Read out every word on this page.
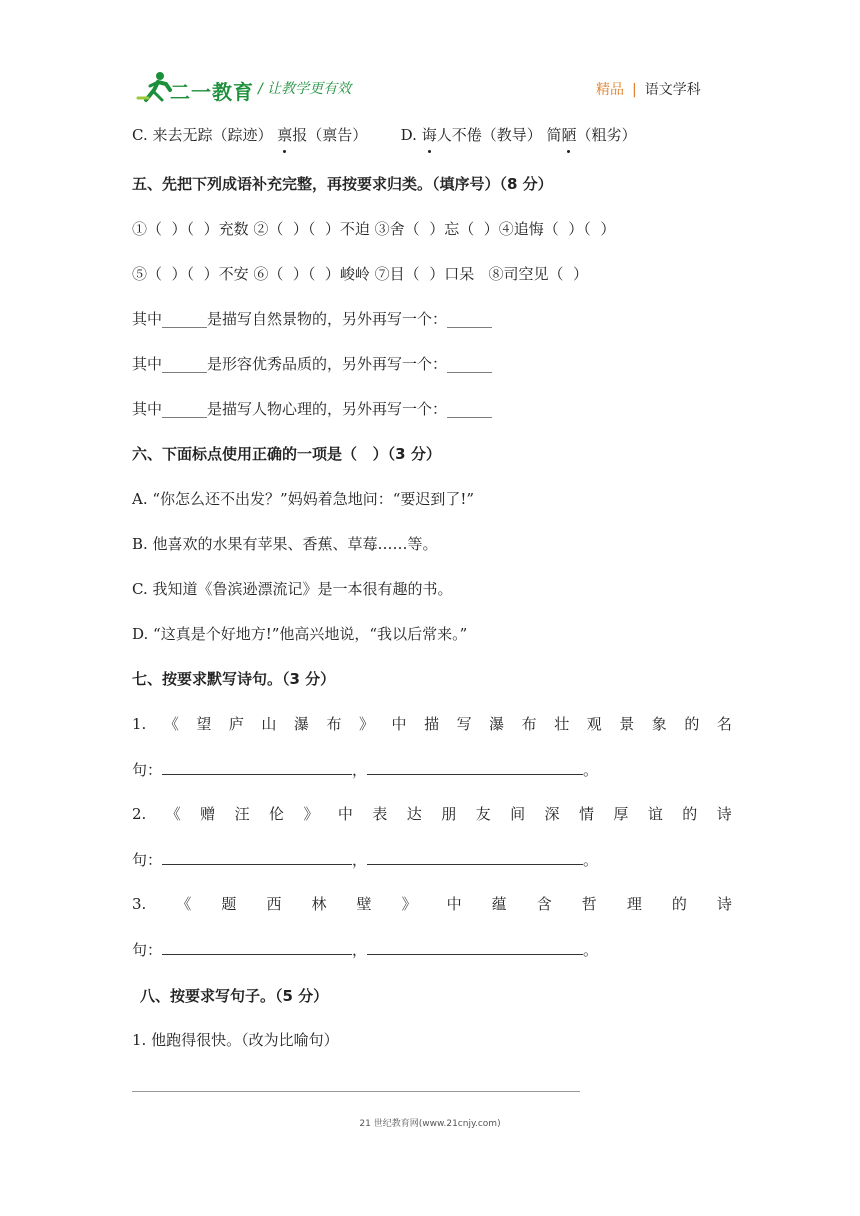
二一教育 / 让教学更有效	精品 | 语文学科
C. 来去无踪（踪迹） 禀报（禀告）       D. 诲人不倦（教导） 简陋（粗劣）
五、先把下列成语补充完整，再按要求归类。（填序号）（8 分）
①（  ）（  ）充数 ②（  ）（  ）不迫 ③舍（  ）忘（  ）④追悔（  ）（  ）
⑤（  ）（  ）不安 ⑥（  ）（  ）峻岭 ⑦目（  ）口呆   ⑧司空见（  ）
其中______是描写自然景物的，另外再写一个：______
其中______是形容优秀品质的，另外再写一个：______
其中______是描写人物心理的，另外再写一个：______
六、下面标点使用正确的一项是（   ）（3 分）
A. “你怎么还不出发？”妈妈着急地问：“要迟到了!”
B. 他喜欢的水果有苹果、香蕉、草莓……等。
C. 我知道《鲁滨逊漂流记》是一本很有趣的书。
D. “这真是个好地方!”他高兴地说，“我以后常来。”
七、按要求默写诗句。（3 分）
1. 《 望 庐 山 瀑 布 》 中 描 写 瀑 布 壮 观 景 象 的 名
句：	，	。
2. 《 赠 汪 伦 》 中 表 达 朋 友 间 深 情 厚 谊 的 诗
句：	，	。
3. 《 题 西 林 壁 》 中 蕴 含 哲 理 的 诗
句：	，	。
八、按要求写句子。（5 分）
1. 他跑得很快。（改为比喻句）
21 世纪教育网(www.21cnjy.com)
